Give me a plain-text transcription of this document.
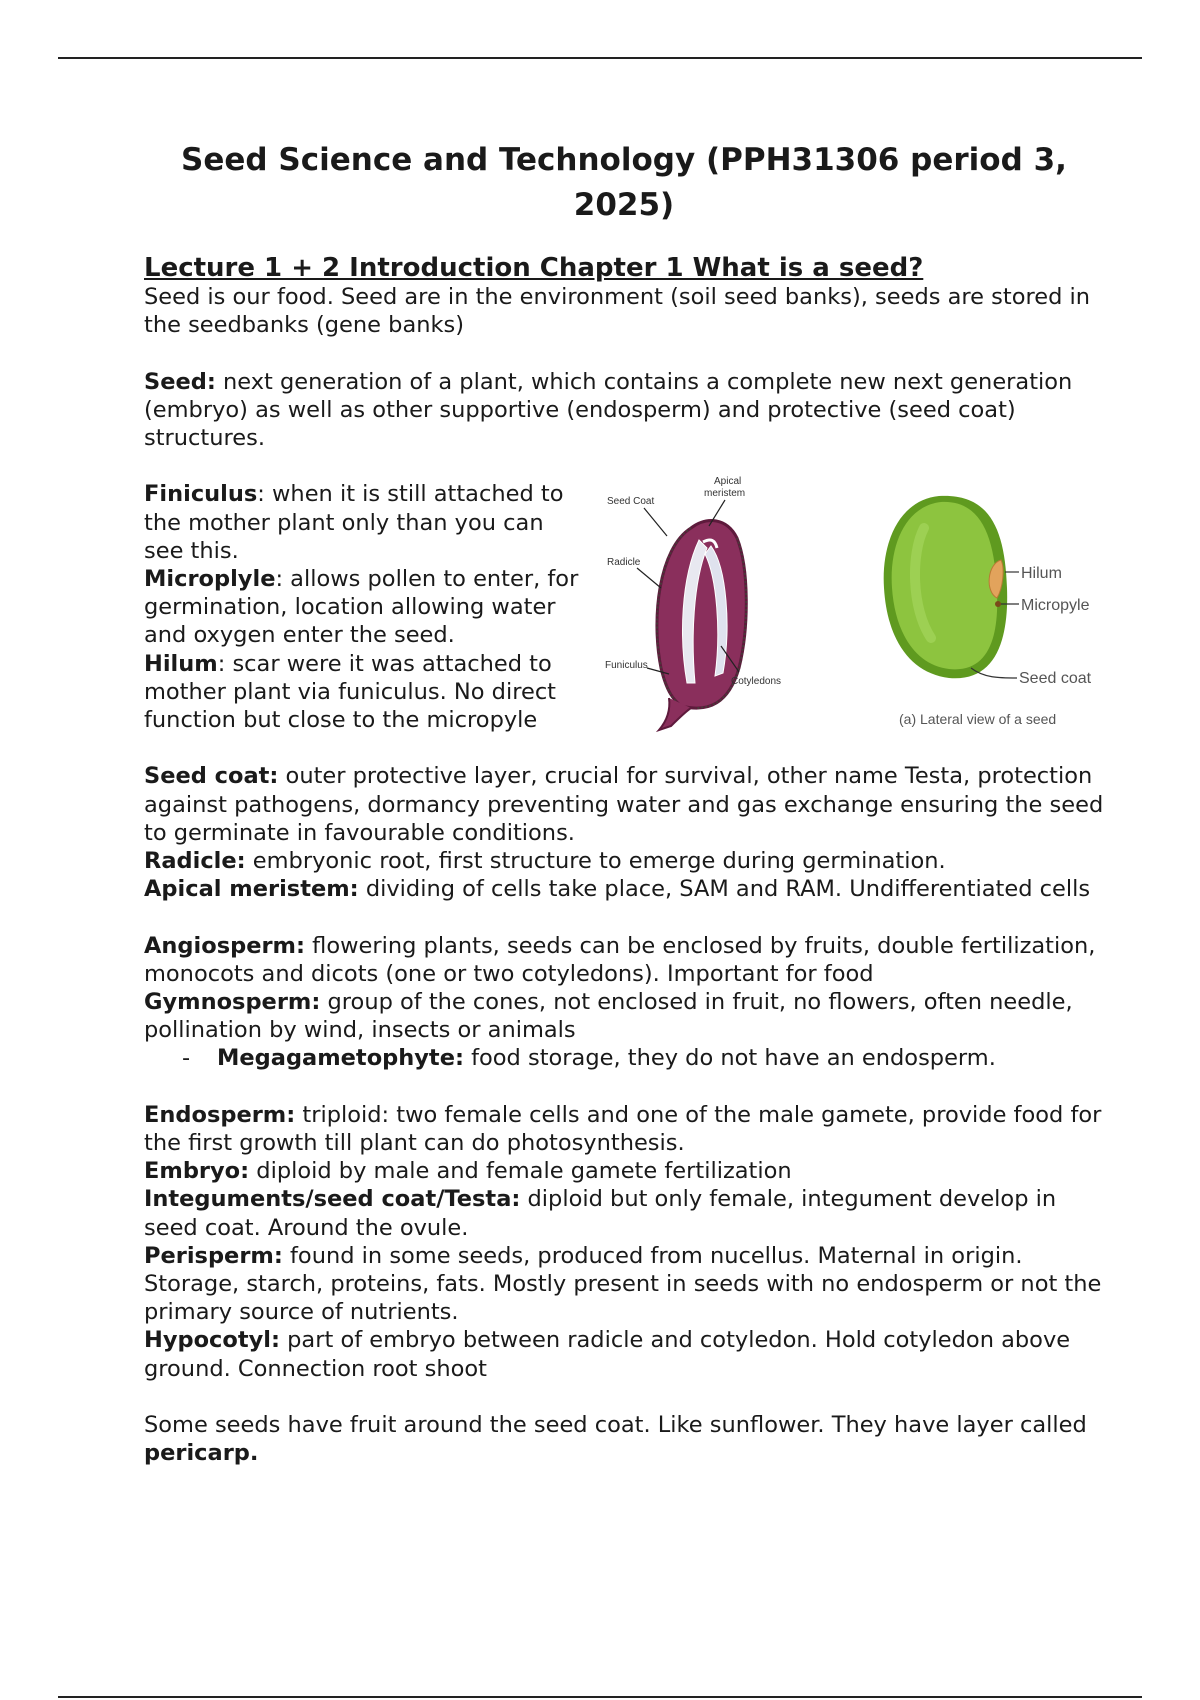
Seed Science and Technology (PPH31306 period 3, 2025)
Lecture 1 + 2 Introduction Chapter 1 What is a seed?

Seed is our food. Seed are in the environment (soil seed banks), seeds are stored in the seedbanks (gene banks)

Seed: next generation of a plant, which contains a complete new next generation (embryo) as well as other supportive (endosperm) and protective (seed coat) structures.

Finiculus: when it is still attached to the mother plant only than you can see this.

Microplyle: allows pollen to enter, for germination, location allowing water and oxygen enter the seed.

Hilum: scar were it was attached to mother plant via funiculus. No direct function but close to the micropyle

Seed Coat
Apical
meristem
Radicle
Funiculus
Cotyledons
Hilum
Micropyle
Seed coat
(a) Lateral view of a seed

Seed coat: outer protective layer, crucial for survival, other name Testa, protection against pathogens, dormancy preventing water and gas exchange ensuring the seed to germinate in favourable conditions.

Radicle: embryonic root, first structure to emerge during germination.

Apical meristem: dividing of cells take place, SAM and RAM. Undifferentiated cells

Angiosperm: flowering plants, seeds can be enclosed by fruits, double fertilization, monocots and dicots (one or two cotyledons). Important for food

Gymnosperm: group of the cones, not enclosed in fruit, no flowers, often needle, pollination by wind, insects or animals

- Megagametophyte: food storage, they do not have an endosperm.

Endosperm: triploid: two female cells and one of the male gamete, provide food for the first growth till plant can do photosynthesis.

Embryo: diploid by male and female gamete fertilization

Integuments/seed coat/Testa: diploid but only female, integument develop in seed coat. Around the ovule.

Perisperm: found in some seeds, produced from nucellus. Maternal in origin. Storage, starch, proteins, fats. Mostly present in seeds with no endosperm or not the primary source of nutrients.

Hypocotyl: part of embryo between radicle and cotyledon. Hold cotyledon above ground. Connection root shoot

Some seeds have fruit around the seed coat. Like sunflower. They have layer called pericarp.
